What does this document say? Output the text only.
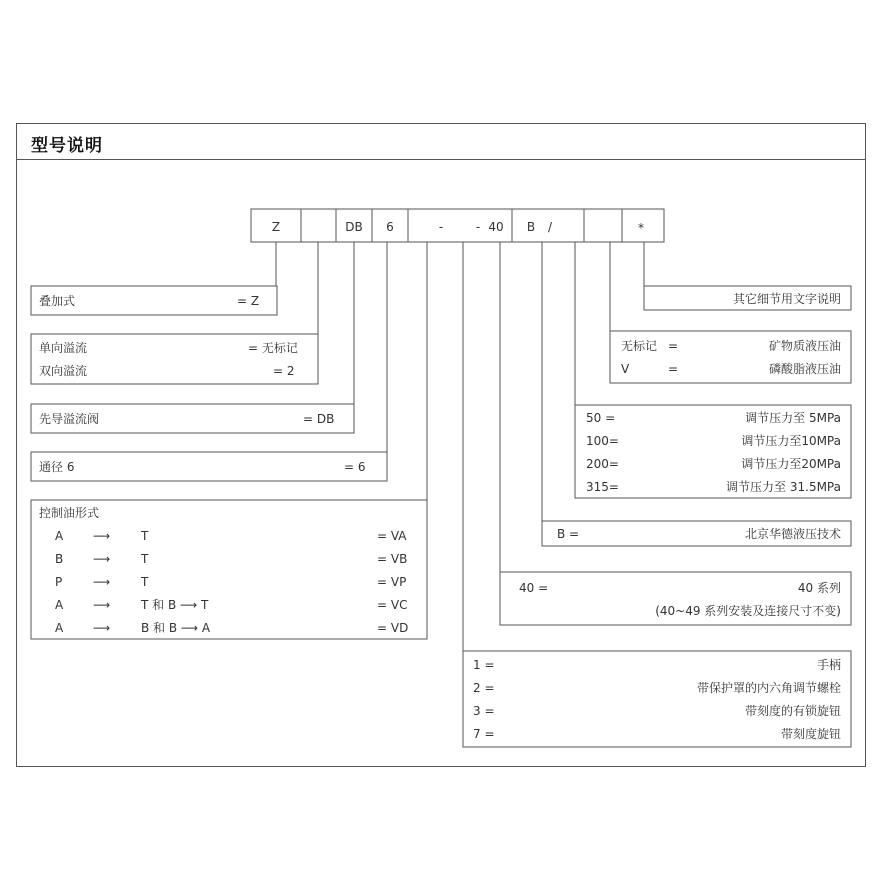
型号说明
Z	DB 6	-	- 40 B /	*
叠加式	= Z
单向溢流	= 无标记
双向溢流	= 2
先导溢流阀	= DB
通径 6	= 6
控制油形式
A ⟶	T	= VA
B ⟶	T	= VB
P	⟶	T	= VP
A ⟶	T 和 B ⟶ T	= VC
A ⟶	B 和 B ⟶ A	= VD
其它细节用文字说明
无标记 =	矿物质液压油
V	=	磷酸脂液压油
50 =	调节压力至 5MPa
100=	调节压力至10MPa
200=	调节压力至20MPa
315=	调节压力至 31.5MPa
B =	北京华德液压技术
40 =	40 系列
(40~49 系列安装及连接尺寸不变)
1 =	手柄
2 =	带保护罩的内六角调节螺栓
3 =	带刻度的有锁旋钮
7 =	带刻度旋钮
